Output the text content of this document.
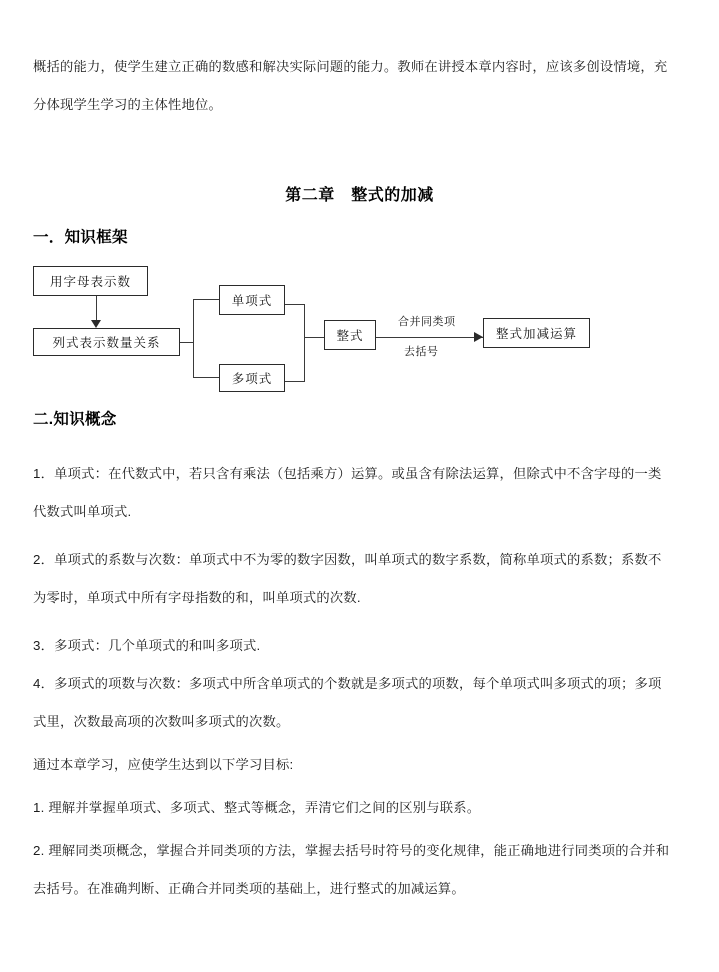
概括的能力，使学生建立正确的数感和解决实际问题的能力。教师在讲授本章内容时，应该多创设情境，充
分体现学生学习的主体性地位。
第二章　整式的加减
一．知识框架
用字母表示数
列式表示数量关系
单项式
多项式
整式
合并同类项
去括号
整式加减运算
二.知识概念
1．单项式：在代数式中，若只含有乘法（包括乘方）运算。或虽含有除法运算，但除式中不含字母的一类
代数式叫单项式.
2．单项式的系数与次数：单项式中不为零的数字因数，叫单项式的数字系数，简称单项式的系数；系数不
为零时，单项式中所有字母指数的和，叫单项式的次数.
3．多项式：几个单项式的和叫多项式.
4．多项式的项数与次数：多项式中所含单项式的个数就是多项式的项数，每个单项式叫多项式的项；多项
式里，次数最高项的次数叫多项式的次数。
通过本章学习，应使学生达到以下学习目标:
1. 理解并掌握单项式、多项式、整式等概念，弄清它们之间的区别与联系。
2. 理解同类项概念，掌握合并同类项的方法，掌握去括号时符号的变化规律，能正确地进行同类项的合并和
去括号。在准确判断、正确合并同类项的基础上，进行整式的加减运算。
